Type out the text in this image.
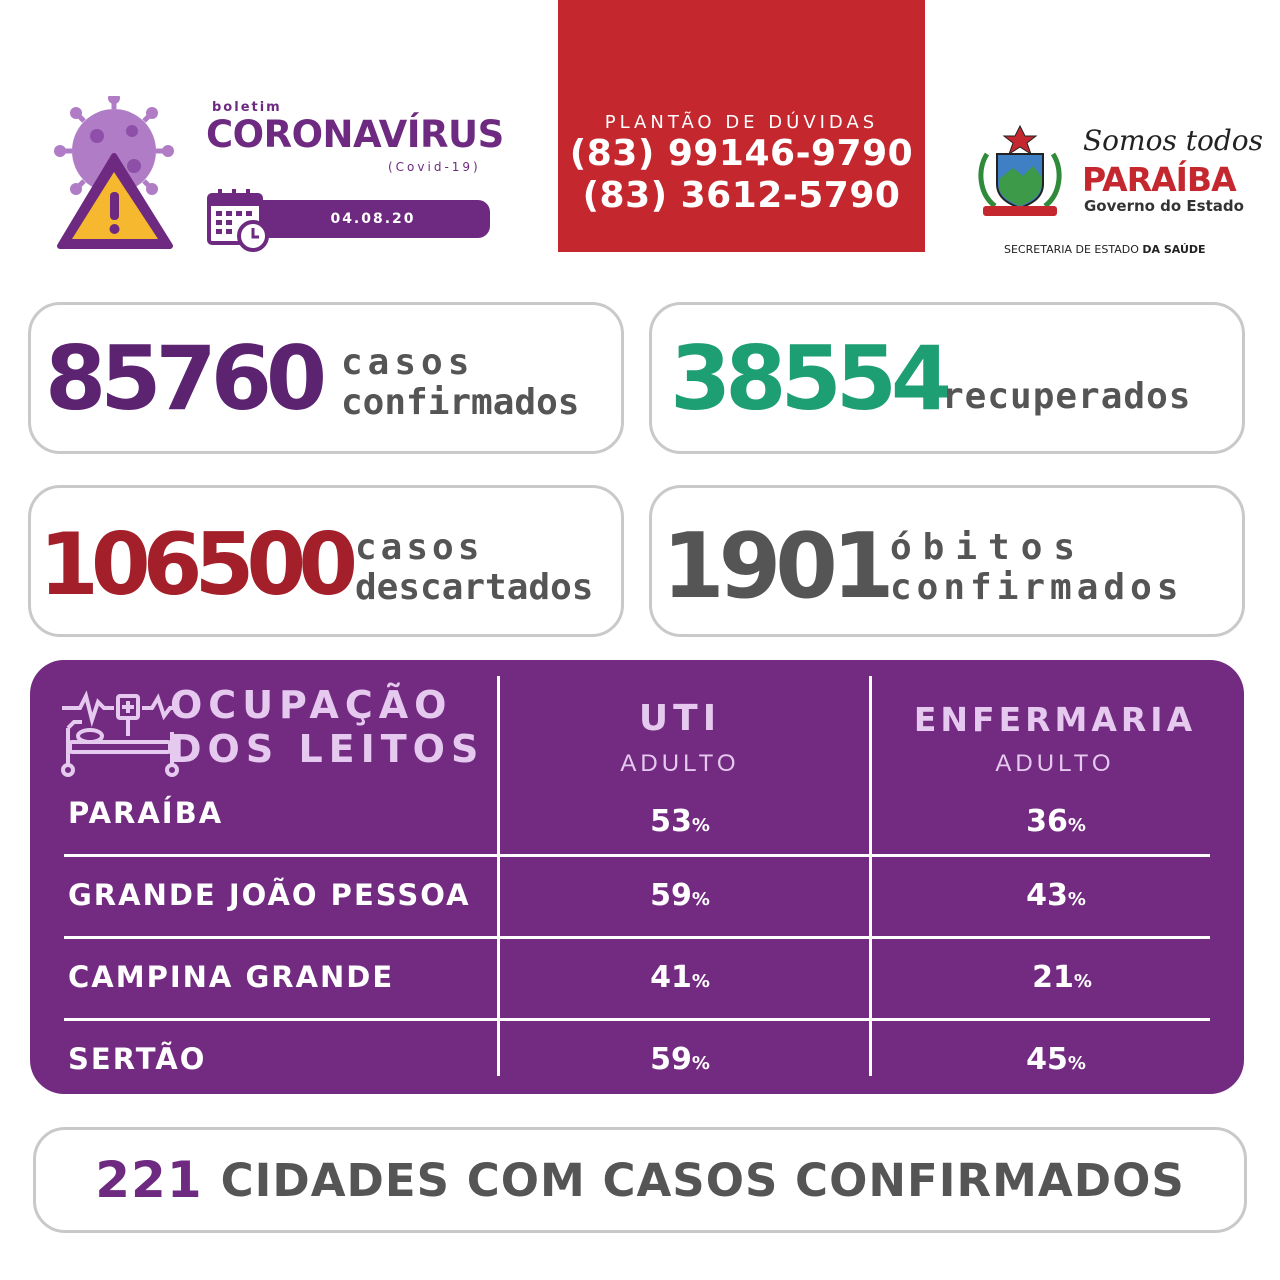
boletim
CORONAVÍRUS
(Covid-19)
04.08.20
PLANTÃO DE DÚVIDAS
(83) 99146-9790
(83) 3612-5790
Somos todos
PARAÍBA
Governo do Estado
SECRETARIA DE ESTADO DA SAÚDE
85760 casos
confirmados 38554
recuperados
106500 casos
descartados 1901 óbitos
confirmados
OCUPAÇÃO
DOS LEITOS
UTI
ADULTO
ENFERMARIA
ADULTO
PARAÍBA	53%	36%
GRANDE JOÃO PESSOA	59%	43%
CAMPINA GRANDE	41%	21%
SERTÃO	59%	45%
221 CIDADES COM CASOS CONFIRMADOS
